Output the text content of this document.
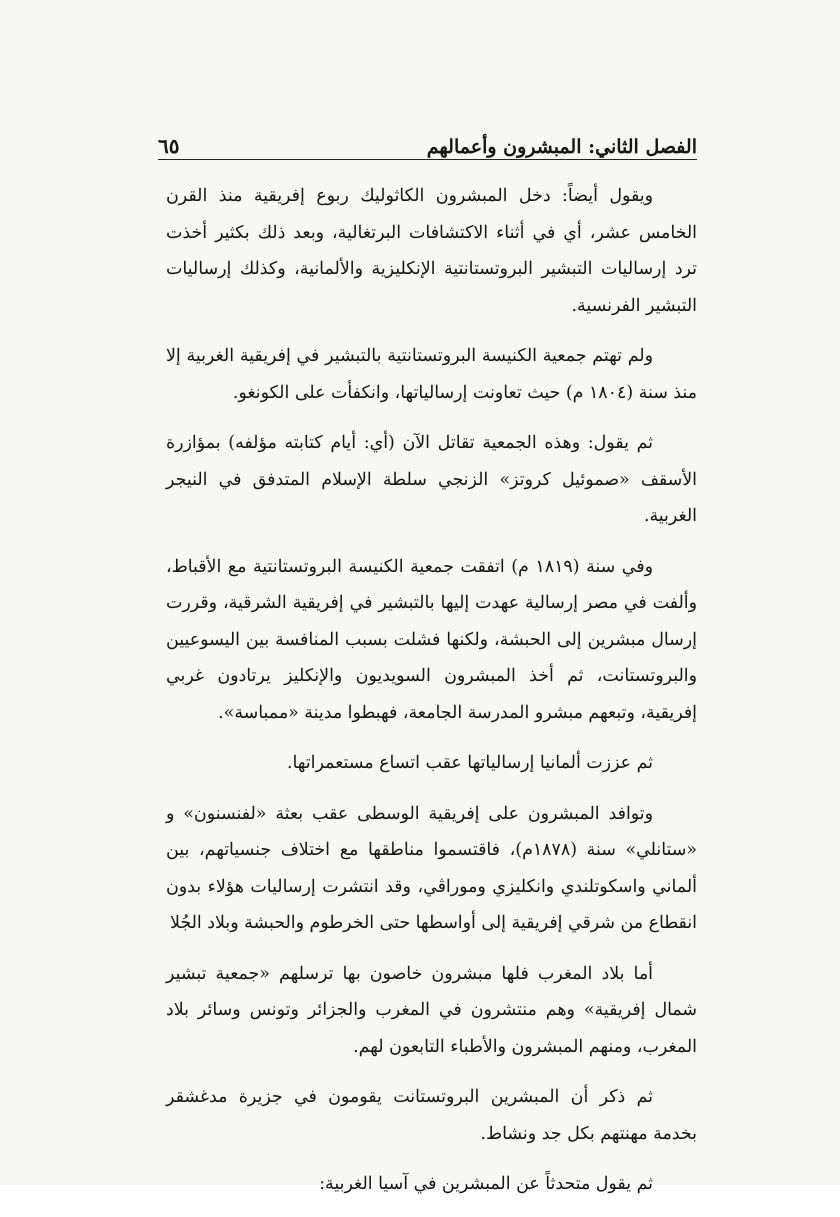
الفصل الثاني: المبشرون وأعمالهم
٦٥

ويقول أيضاً: دخل المبشرون الكاثوليك ربوع إفريقية منذ القرن الخامس عشر، أي في أثناء الاكتشافات البرتغالية، وبعد ذلك بكثير أخذت ترد إرساليات التبشير البروتستانتية الإنكليزية والألمانية، وكذلك إرساليات التبشير الفرنسية.

ولم تهتم جمعية الكنيسة البروتستانتية بالتبشير في إفريقية الغربية إلا منذ سنة (١٨٠٤ م) حيث تعاونت إرسالياتها، وانكفأت على الكونغو.

ثم يقول: وهذه الجمعية تقاتل الآن (أي: أيام كتابته مؤلفه) بمؤازرة الأسقف «صموئيل كروتز» الزنجي سلطة الإسلام المتدفق في النيجر الغربية.

وفي سنة (١٨١٩ م) اتفقت جمعية الكنيسة البروتستانتية مع الأقباط، وألفت في مصر إرسالية عهدت إليها بالتبشير في إفريقية الشرقية، وقررت إرسال مبشرين إلى الحبشة، ولكنها فشلت بسبب المنافسة بين اليسوعيين والبروتستانت، ثم أخذ المبشرون السويديون والإنكليز يرتادون غربي إفريقية، وتبعهم مبشرو المدرسة الجامعة، فهبطوا مدينة «ممباسة».

ثم عززت ألمانيا إرسالياتها عقب اتساع مستعمراتها.

وتوافد المبشرون على إفريقية الوسطى عقب بعثة «لفنسنون» و «ستانلي» سنة (١٨٧٨م)، فاقتسموا مناطقها مع اختلاف جنسياتهم، بين ألماني واسكوتلندي وانكليزي وموراڤي، وقد انتشرت إرساليات هؤلاء بدون انقطاع من شرقي إفريقية إلى أواسطها حتى الخرطوم والحبشة وبلاد الجُلا

أما بلاد المغرب فلها مبشرون خاصون بها ترسلهم «جمعية تبشير شمال إفريقية» وهم منتشرون في المغرب والجزائر وتونس وسائر بلاد المغرب، ومنهم المبشرون والأطباء التابعون لهم.

ثم ذكر أن المبشرين البروتستانت يقومون في جزيرة مدغشقر بخدمة مهنتهم بكل جد ونشاط.

ثم يقول متحدثاً عن المبشرين في آسيا الغربية:
